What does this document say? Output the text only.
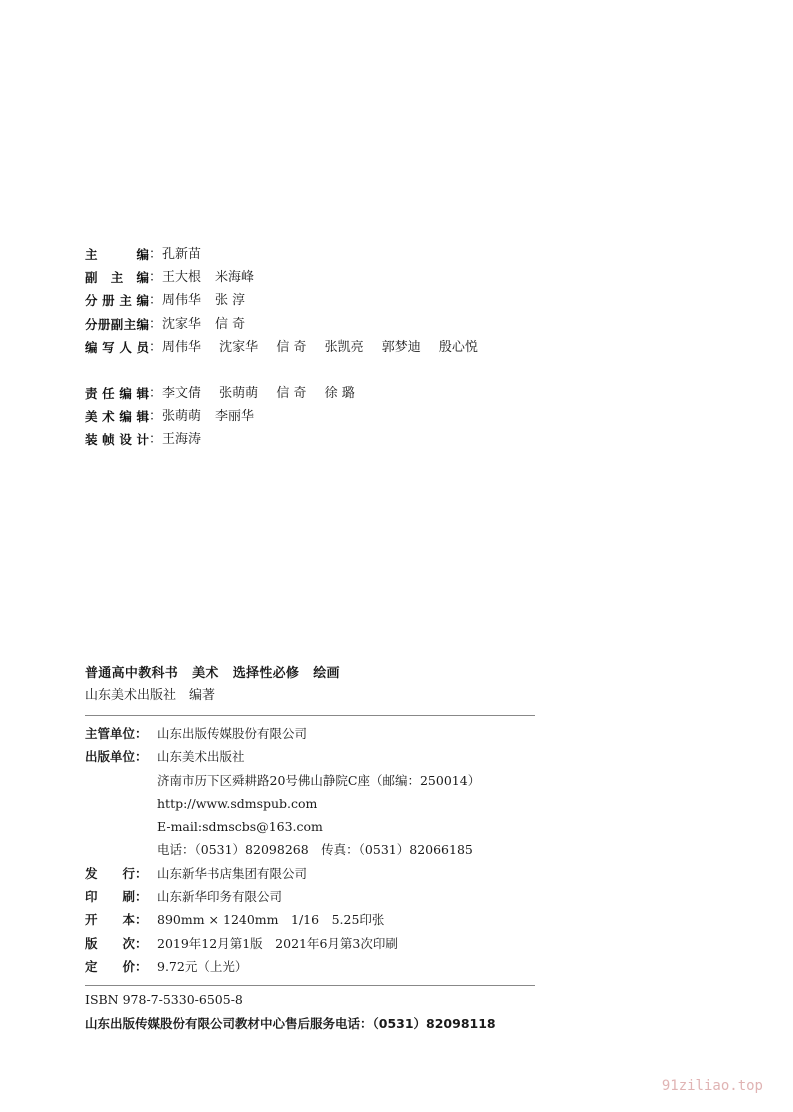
主编 ： 孔新苗
副主编 ： 王大根 米海峰
分册主编 ： 周伟华 张 淳
分册副主编 ： 沈家华 信 奇
编写人员 ： 周伟华 沈家华 信 奇 张凯亮 郭梦迪 殷心悦
责任编辑 ： 李文倩 张萌萌 信 奇 徐 璐
美术编辑 ： 张萌萌 李丽华
装帧设计 ： 王海涛
普通高中教科书 美术 选择性必修 绘画
山东美术出版社　编著
主管单位： 山东出版传媒股份有限公司
出版单位： 山东美术出版社
济南市历下区舜耕路20号佛山静院C座（邮编：250014）
http://www.sdmspub.com
E-mail:sdmscbs@163.com
电话：（0531）82098268　传真：（0531）82066185
发　　行： 山东新华书店集团有限公司
印　　刷： 山东新华印务有限公司
开　　本： 890mm × 1240mm　1/16　5.25印张
版　　次： 2019年12月第1版　2021年6月第3次印刷
定　　价： 9.72元（上光）
ISBN 978-7-5330-6505-8
山东出版传媒股份有限公司教材中心售后服务电话：（0531）82098118
91ziliao.top
